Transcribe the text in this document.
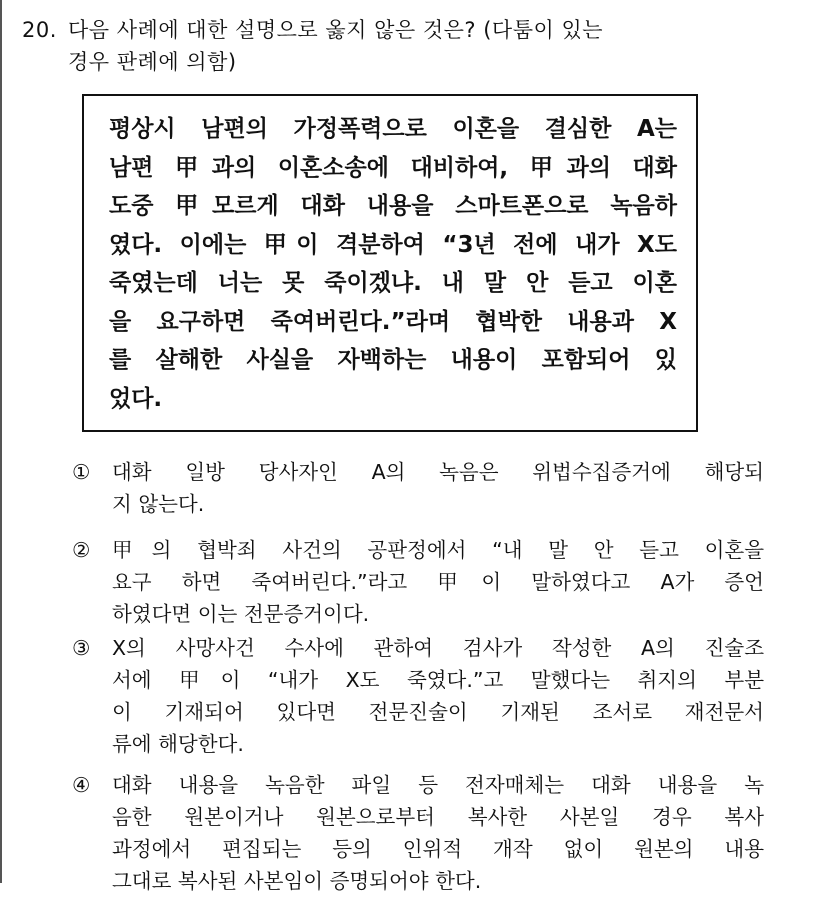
20. 다음 사례에 대한 설명으로 옳지 않은 것은? (다툼이 있는
경우 판례에 의함)
평상시 남편의 가정폭력으로 이혼을 결심한 A는
남편 甲과의 이혼소송에 대비하여, 甲과의 대화
도중 甲모르게 대화 내용을 스마트폰으로 녹음하
였다. 이에는 甲이 격분하여 “3년 전에 내가 X도
죽였는데 너는 못 죽이겠냐. 내 말 안 듣고 이혼
을 요구하면 죽여버린다.”라며 협박한 내용과 X
를 살해한 사실을 자백하는 내용이 포함되어 있
었다.
①	대화 일방 당사자인 A의 녹음은 위법수집증거에 해당되
지 않는다.
②	甲의 협박죄 사건의 공판정에서 “내 말 안 듣고 이혼을
요구 하면 죽여버린다.”라고 甲이 말하였다고 A가 증언
하였다면 이는 전문증거이다.
③	X의 사망사건 수사에 관하여 검사가 작성한 A의 진술조
서에 甲이 “내가 X도 죽였다.”고 말했다는 취지의 부분
이 기재되어 있다면 전문진술이 기재된 조서로 재전문서
류에 해당한다.
④	대화 내용을 녹음한 파일 등 전자매체는 대화 내용을 녹
음한 원본이거나 원본으로부터 복사한 사본일 경우 복사
과정에서 편집되는 등의 인위적 개작 없이 원본의 내용
그대로 복사된 사본임이 증명되어야 한다.
